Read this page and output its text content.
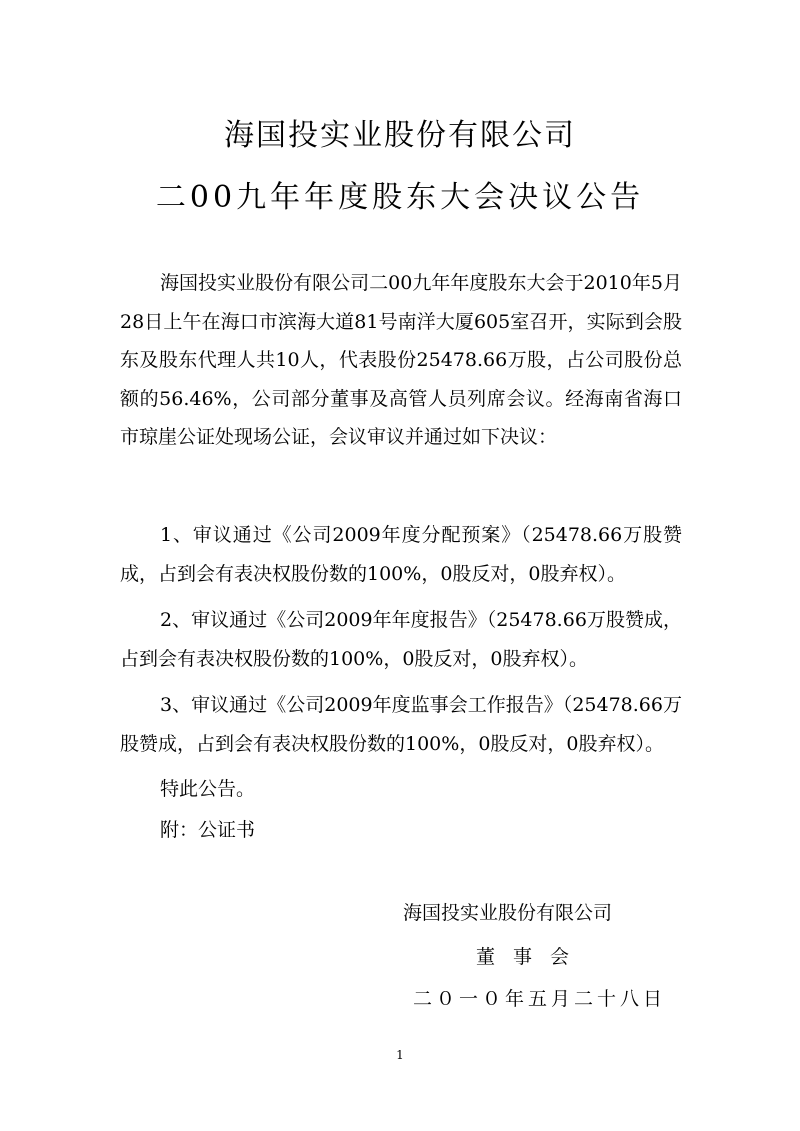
海国投实业股份有限公司
二00九年年度股东大会决议公告

海国投实业股份有限公司二00九年年度股东大会于2010年5月28日上午在海口市滨海大道81号南洋大厦605室召开，实际到会股东及股东代理人共10人，代表股份25478.66万股，占公司股份总额的56.46%，公司部分董事及高管人员列席会议。经海南省海口市琼崖公证处现场公证，会议审议并通过如下决议：

1、审议通过《公司2009年度分配预案》（25478.66万股赞成，占到会有表决权股份数的100%，0股反对，0股弃权）。

2、审议通过《公司2009年年度报告》（25478.66万股赞成，占到会有表决权股份数的100%，0股反对，0股弃权）。

3、审议通过《公司2009年度监事会工作报告》（25478.66万股赞成，占到会有表决权股份数的100%，0股反对，0股弃权）。

特此公告。

附：公证书

海国投实业股份有限公司
董事会
二０一０年五月二十八日
1
